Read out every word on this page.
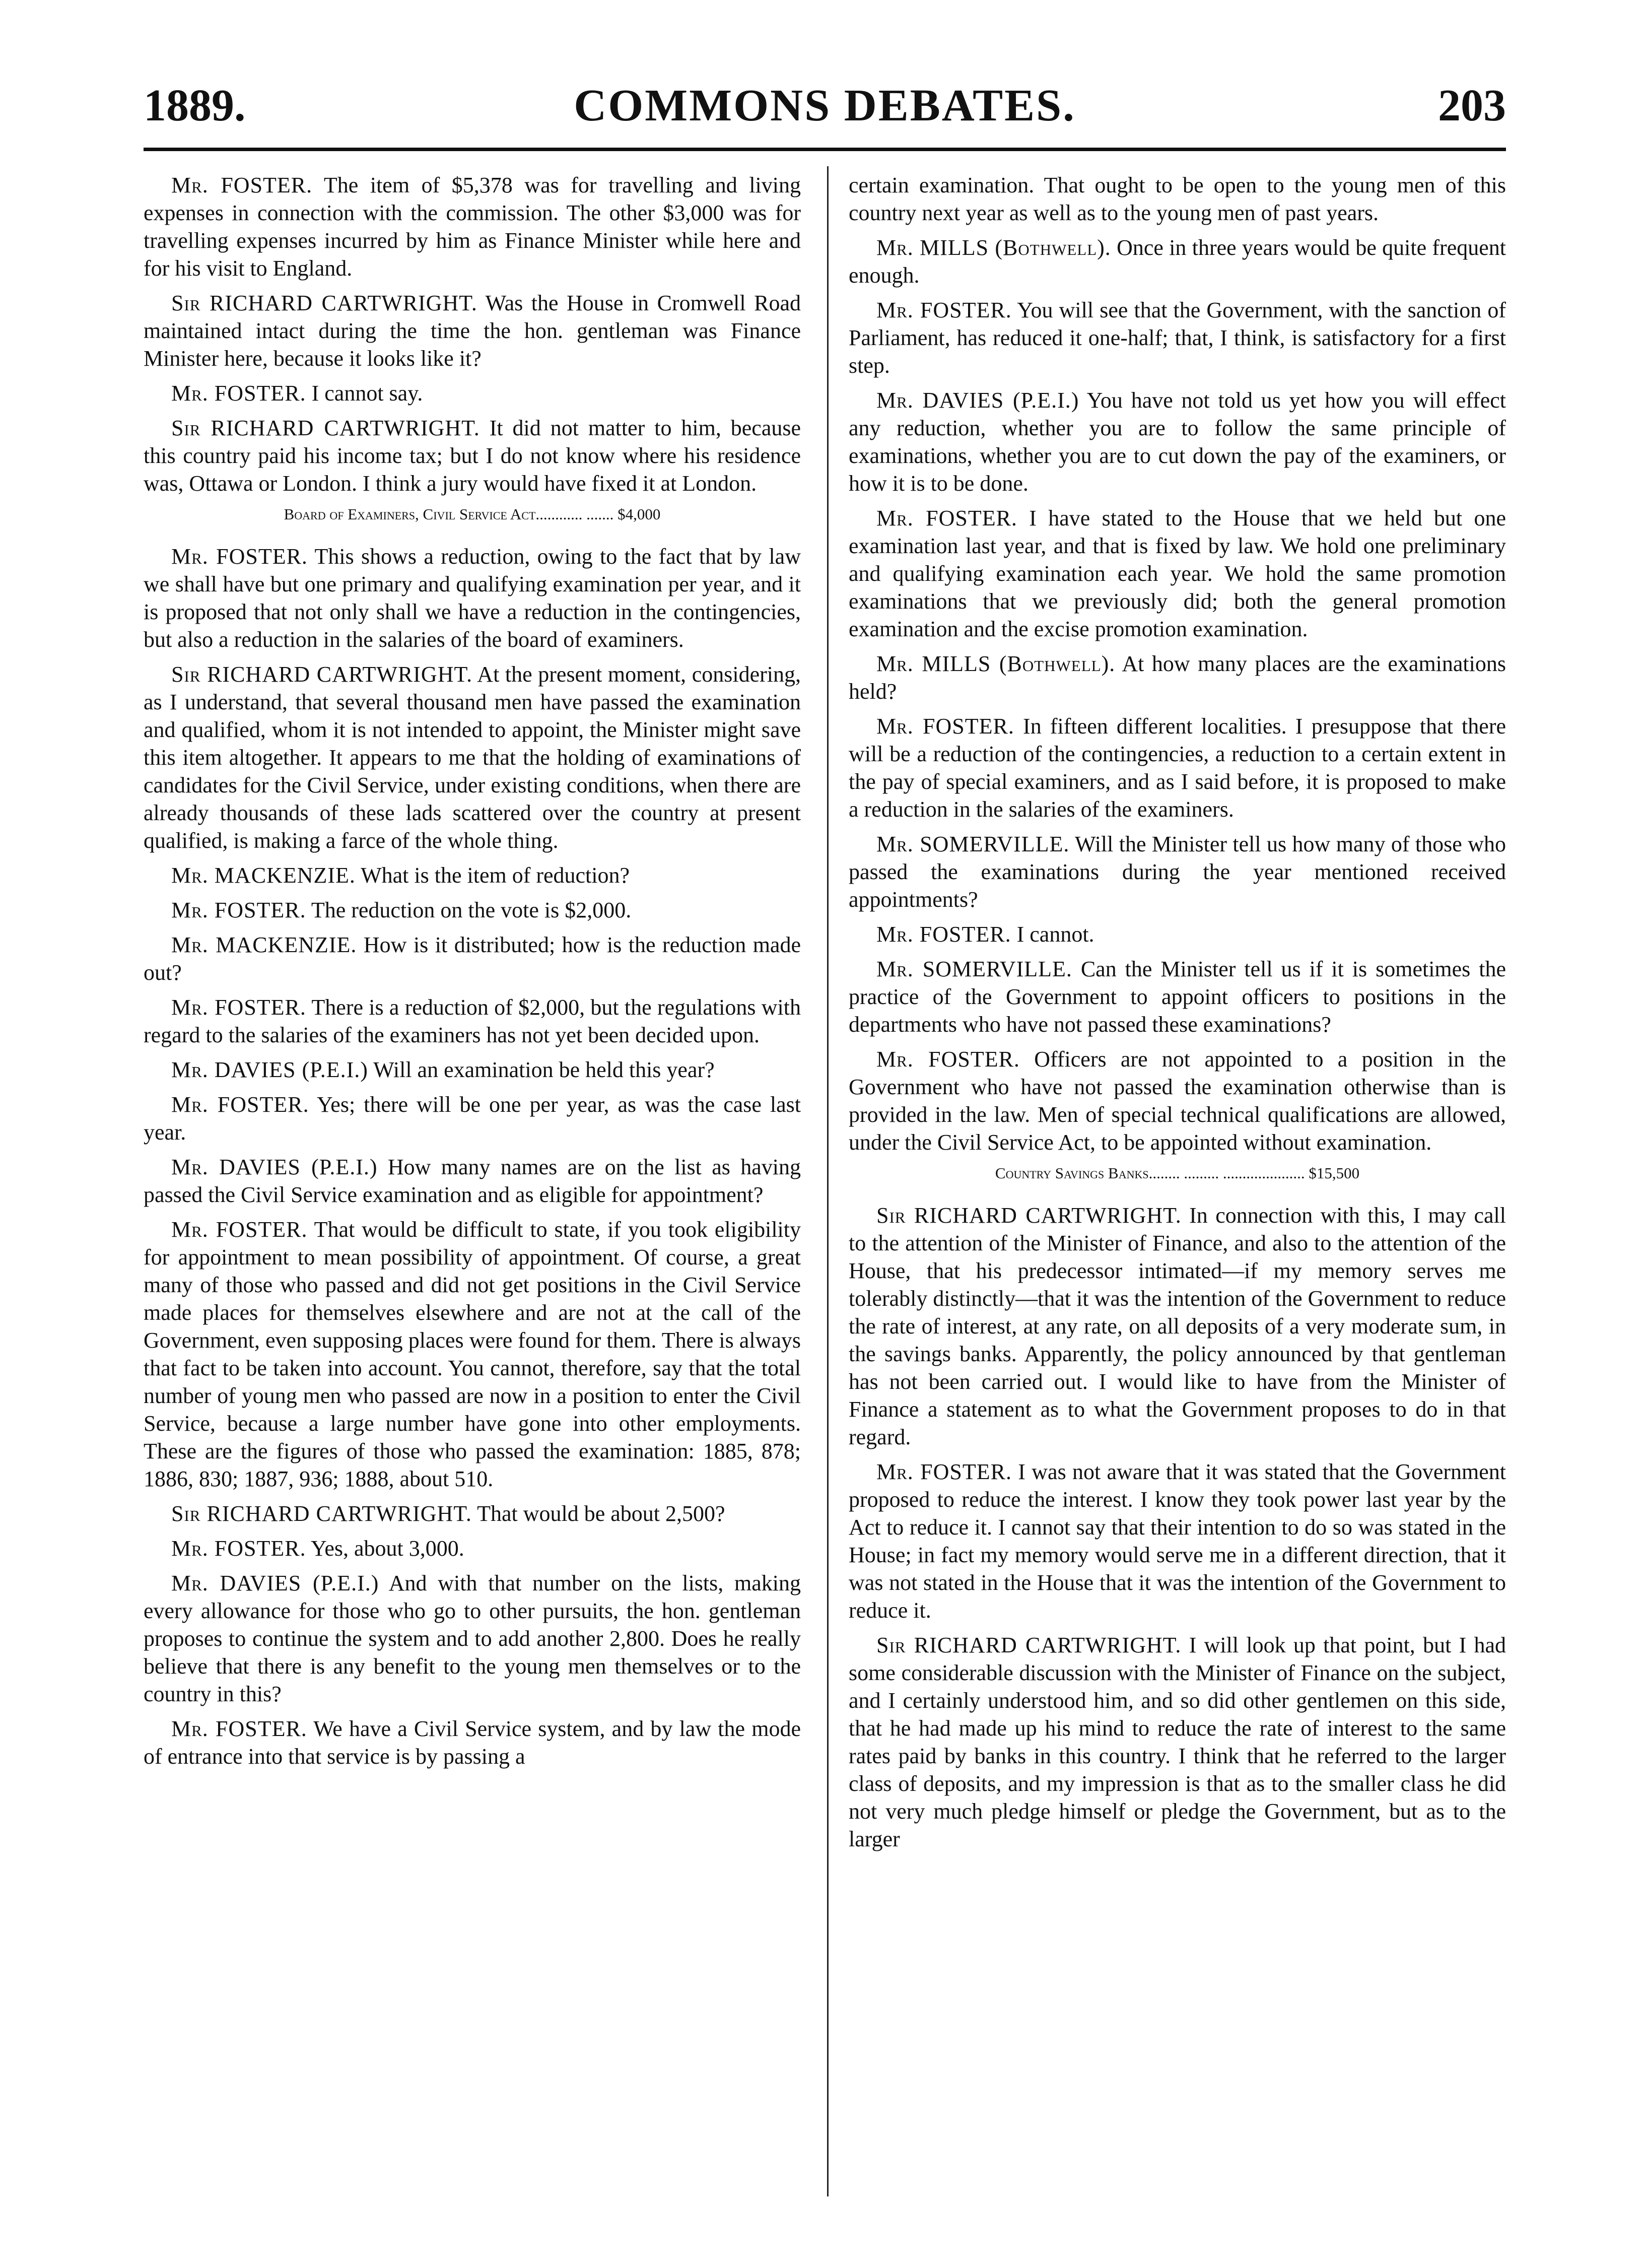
1889.	COMMONS DEBATES.	203

Mr. FOSTER. The item of $5,378 was for travelling and living expenses in connection with the commission. The other $3,000 was for travelling expenses incurred by him as Finance Minister while here and for his visit to England.

Sir RICHARD CARTWRIGHT. Was the House in Cromwell Road maintained intact during the time the hon. gentleman was Finance Minister here, because it looks like it?

Mr. FOSTER. I cannot say.

Sir RICHARD CARTWRIGHT. It did not matter to him, because this country paid his income tax; but I do not know where his residence was, Ottawa or London. I think a jury would have fixed it at London.

Board of Examiners, Civil Service Act............ ....... $4,000

Mr. FOSTER. This shows a reduction, owing to the fact that by law we shall have but one primary and qualifying examination per year, and it is proposed that not only shall we have a reduction in the contingencies, but also a reduction in the salaries of the board of examiners.

Sir RICHARD CARTWRIGHT. At the present moment, considering, as I understand, that several thousand men have passed the examination and qualified, whom it is not intended to appoint, the Minister might save this item altogether. It appears to me that the holding of examinations of candidates for the Civil Service, under existing conditions, when there are already thousands of these lads scattered over the country at present qualified, is making a farce of the whole thing.

Mr. MACKENZIE. What is the item of reduction?

Mr. FOSTER. The reduction on the vote is $2,000.

Mr. MACKENZIE. How is it distributed; how is the reduction made out?

Mr. FOSTER. There is a reduction of $2,000, but the regulations with regard to the salaries of the examiners has not yet been decided upon.

Mr. DAVIES (P.E.I.) Will an examination be held this year?

Mr. FOSTER. Yes; there will be one per year, as was the case last year.

Mr. DAVIES (P.E.I.) How many names are on the list as having passed the Civil Service examination and as eligible for appointment?

Mr. FOSTER. That would be difficult to state, if you took eligibility for appointment to mean possibility of appointment. Of course, a great many of those who passed and did not get positions in the Civil Service made places for themselves elsewhere and are not at the call of the Government, even supposing places were found for them. There is always that fact to be taken into account. You cannot, therefore, say that the total number of young men who passed are now in a position to enter the Civil Service, because a large number have gone into other employments. These are the figures of those who passed the examination: 1885, 878; 1886, 830; 1887, 936; 1888, about 510.

Sir RICHARD CARTWRIGHT. That would be about 2,500?

Mr. FOSTER. Yes, about 3,000.

Mr. DAVIES (P.E.I.) And with that number on the lists, making every allowance for those who go to other pursuits, the hon. gentleman proposes to continue the system and to add another 2,800. Does he really believe that there is any benefit to the young men themselves or to the country in this?

Mr. FOSTER. We have a Civil Service system, and by law the mode of entrance into that service is by passing a

certain examination. That ought to be open to the young men of this country next year as well as to the young men of past years.

Mr. MILLS (Bothwell). Once in three years would be quite frequent enough.

Mr. FOSTER. You will see that the Government, with the sanction of Parliament, has reduced it one-half; that, I think, is satisfactory for a first step.

Mr. DAVIES (P.E.I.) You have not told us yet how you will effect any reduction, whether you are to follow the same principle of examinations, whether you are to cut down the pay of the examiners, or how it is to be done.

Mr. FOSTER. I have stated to the House that we held but one examination last year, and that is fixed by law. We hold one preliminary and qualifying examination each year. We hold the same promotion examinations that we previously did; both the general promotion examination and the excise promotion examination.

Mr. MILLS (Bothwell). At how many places are the examinations held?

Mr. FOSTER. In fifteen different localities. I presuppose that there will be a reduction of the contingencies, a reduction to a certain extent in the pay of special examiners, and as I said before, it is proposed to make a reduction in the salaries of the examiners.

Mr. SOMERVILLE. Will the Minister tell us how many of those who passed the examinations during the year mentioned received appointments?

Mr. FOSTER. I cannot.

Mr. SOMERVILLE. Can the Minister tell us if it is sometimes the practice of the Government to appoint officers to positions in the departments who have not passed these examinations?

Mr. FOSTER. Officers are not appointed to a position in the Government who have not passed the examination otherwise than is provided in the law. Men of special technical qualifications are allowed, under the Civil Service Act, to be appointed without examination.

Country Savings Banks........ ......... ..................... $15,500

Sir RICHARD CARTWRIGHT. In connection with this, I may call to the attention of the Minister of Finance, and also to the attention of the House, that his predecessor intimated—if my memory serves me tolerably distinctly—that it was the intention of the Government to reduce the rate of interest, at any rate, on all deposits of a very moderate sum, in the savings banks. Apparently, the policy announced by that gentleman has not been carried out. I would like to have from the Minister of Finance a statement as to what the Government proposes to do in that regard.

Mr. FOSTER. I was not aware that it was stated that the Government proposed to reduce the interest. I know they took power last year by the Act to reduce it. I cannot say that their intention to do so was stated in the House; in fact my memory would serve me in a different direction, that it was not stated in the House that it was the intention of the Government to reduce it.

Sir RICHARD CARTWRIGHT. I will look up that point, but I had some considerable discussion with the Minister of Finance on the subject, and I certainly understood him, and so did other gentlemen on this side, that he had made up his mind to reduce the rate of interest to the same rates paid by banks in this country. I think that he referred to the larger class of deposits, and my impression is that as to the smaller class he did not very much pledge himself or pledge the Government, but as to the larger
